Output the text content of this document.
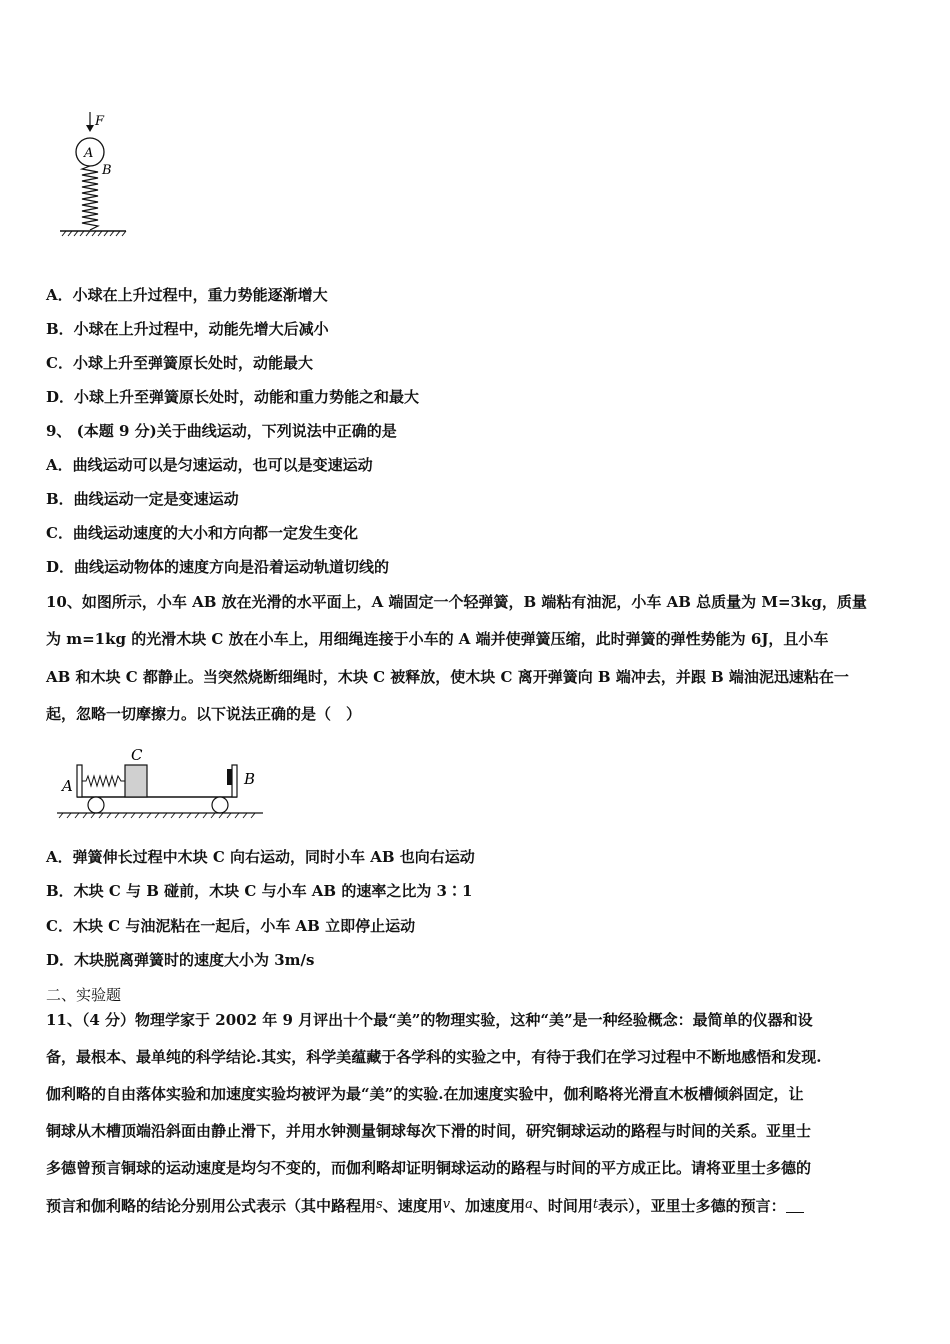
F
A
B
A．小球在上升过程中，重力势能逐渐增大
B．小球在上升过程中，动能先增大后减小
C．小球上升至弹簧原长处时，动能最大
D．小球上升至弹簧原长处时，动能和重力势能之和最大
9、 (本题 9 分)关于曲线运动，下列说法中正确的是
A．曲线运动可以是匀速运动，也可以是变速运动
B．曲线运动一定是变速运动
C．曲线运动速度的大小和方向都一定发生变化
D．曲线运动物体的速度方向是沿着运动轨道切线的
10、如图所示，小车 AB 放在光滑的水平面上，A 端固定一个轻弹簧，B 端粘有油泥，小车 AB 总质量为 M=3kg，质量
为 m=1kg 的光滑木块 C 放在小车上，用细绳连接于小车的 A 端并使弹簧压缩，此时弹簧的弹性势能为 6J，且小车
AB 和木块 C 都静止。当突然烧断细绳时，木块 C 被释放，使木块 C 离开弹簧向 B 端冲去，并跟 B 端油泥迅速粘在一
起，忽略一切摩擦力。以下说法正确的是（　）
C
A	B
A．弹簧伸长过程中木块 C 向右运动，同时小车 AB 也向右运动
B．木块 C 与 B 碰前，木块 C 与小车 AB 的速率之比为 3∶1
C．木块 C 与油泥粘在一起后，小车 AB 立即停止运动
D．木块脱离弹簧时的速度大小为 3m/s
二、实验题
11、（4 分）物理学家于 2002 年 9 月评出十个最“美”的物理实验，这种“美”是一种经验概念：最简单的仪器和设
备，最根本、最单纯的科学结论.其实，科学美蕴藏于各学科的实验之中，有待于我们在学习过程中不断地感悟和发现.
伽利略的自由落体实验和加速度实验均被评为最“美”的实验.在加速度实验中，伽利略将光滑直木板槽倾斜固定，让
铜球从木槽顶端沿斜面由静止滑下，并用水钟测量铜球每次下滑的时间，研究铜球运动的路程与时间的关系。亚里士
多德曾预言铜球的运动速度是均匀不变的，而伽利略却证明铜球运动的路程与时间的平方成正比。请将亚里士多德的
预言和伽利略的结论分别用公式表示（其中路程用s、速度用v、加速度用a、时间用t表示），亚里士多德的预言：
